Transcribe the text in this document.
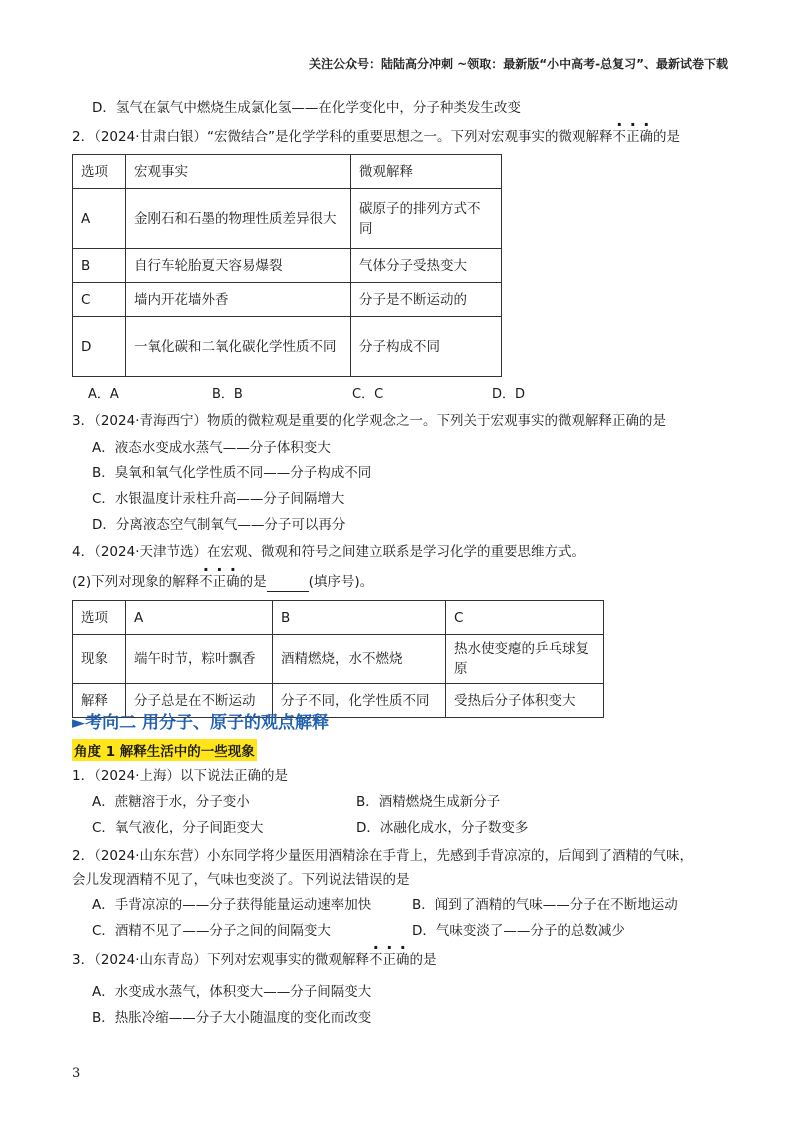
关注公众号：陆陆高分冲刺 ~领取：最新版“小中高考-总复习”、最新试卷下载
D．氢气在氯气中燃烧生成氯化氢——在化学变化中，分子种类发生改变
2．（2024·甘肃白银）“宏微结合”是化学学科的重要思想之一。下列对宏观事实的微观解释不正确的是
选项	宏观事实	微观解释
A	金刚石和石墨的物理性质差异很大	碳原子的排列方式不同
B	自行车轮胎夏天容易爆裂	气体分子受热变大
C	墙内开花墙外香	分子是不断运动的
D	一氧化碳和二氧化碳化学性质不同	分子构成不同
A．A	B．B	C．C	D．D
3．（2024·青海西宁）物质的微粒观是重要的化学观念之一。下列关于宏观事实的微观解释正确的是
A．液态水变成水蒸气——分子体积变大
B．臭氧和氧气化学性质不同——分子构成不同
C．水银温度计汞柱升高——分子间隔增大
D．分离液态空气制氧气——分子可以再分
4．（2024·天津节选）在宏观、微观和符号之间建立联系是学习化学的重要思维方式。
(2)下列对现象的解释不正确的是	(填序号)。
选项	A	B	C
现象	端午时节，粽叶飘香	酒精燃烧，水不燃烧	热水使变瘪的乒乓球复原
解释	分子总是在不断运动	分子不同，化学性质不同	受热后分子体积变大
►考向二 用分子、原子的观点解释
角度 1 解释生活中的一些现象
1．（2024·上海）以下说法正确的是
A．蔗糖溶于水，分子变小	B．酒精燃烧生成新分子
C．氧气液化，分子间距变大	D．冰融化成水，分子数变多
2．（2024·山东东营）小东同学将少量医用酒精涂在手背上，先感到手背凉凉的，后闻到了酒精的气味，
会儿发现酒精不见了，气味也变淡了。下列说法错误的是
A．手背凉凉的——分子获得能量运动速率加快	B．闻到了酒精的气味——分子在不断地运动
C．酒精不见了——分子之间的间隔变大	D．气味变淡了——分子的总数减少
3．（2024·山东青岛）下列对宏观事实的微观解释不正确的是
A．水变成水蒸气，体积变大——分子间隔变大
B．热胀冷缩——分子大小随温度的变化而改变
3
